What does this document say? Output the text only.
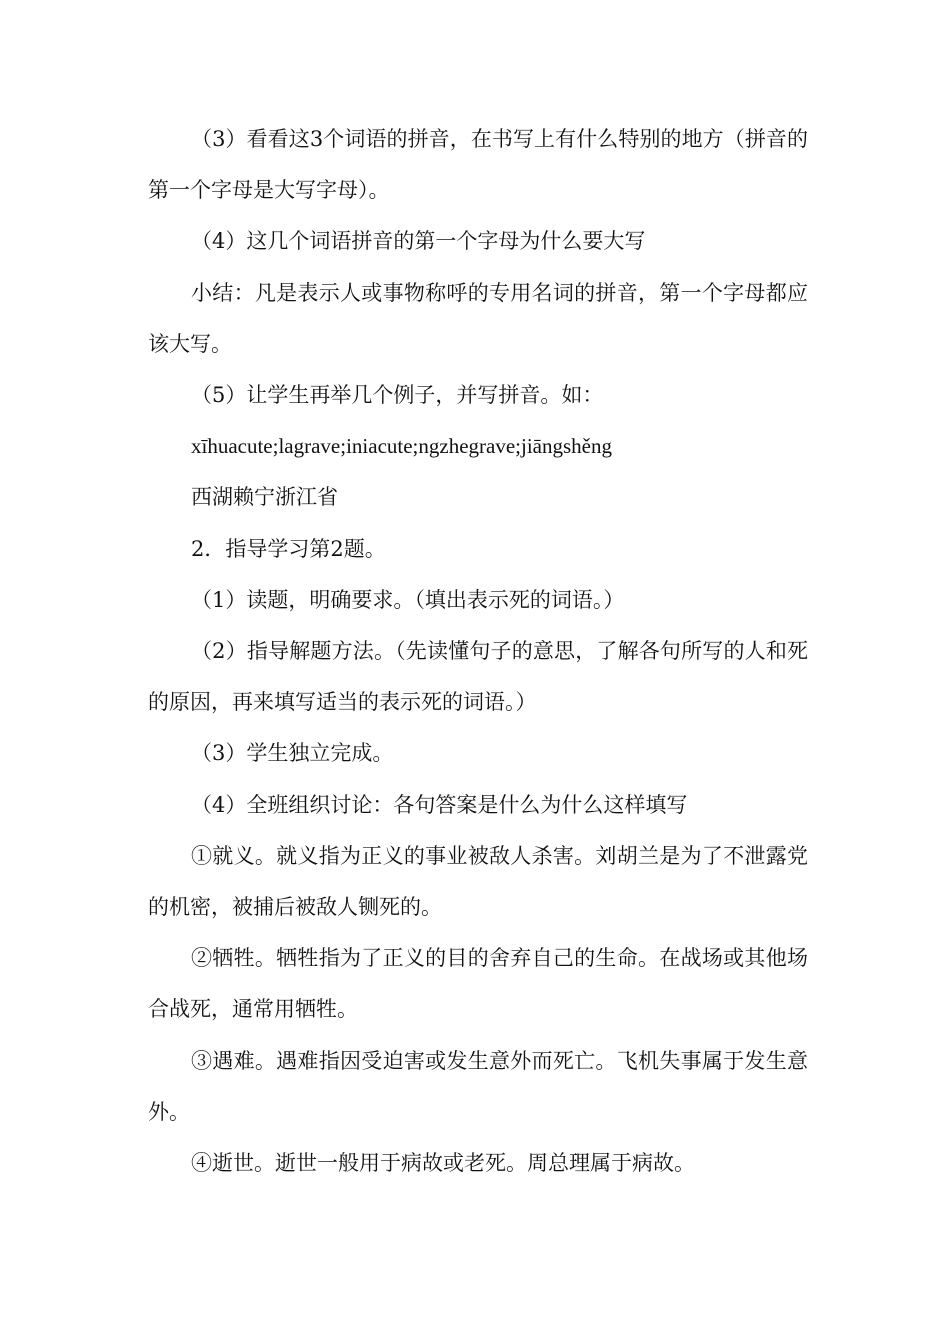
（3）看看这3个词语的拼音，在书写上有什么特别的地方（拼音的第一个字母是大写字母）。

（4）这几个词语拼音的第一个字母为什么要大写

小结：凡是表示人或事物称呼的专用名词的拼音，第一个字母都应该大写。

（5）让学生再举几个例子，并写拼音。如：

xīhuacute;lagrave;iniacute;ngzhegrave;jiāngshěng

西湖赖宁浙江省

2．指导学习第2题。

（1）读题，明确要求。（填出表示死的词语。）

（2）指导解题方法。（先读懂句子的意思，了解各句所写的人和死的原因，再来填写适当的表示死的词语。）

（3）学生独立完成。

（4）全班组织讨论：各句答案是什么为什么这样填写

①就义。就义指为正义的事业被敌人杀害。刘胡兰是为了不泄露党的机密，被捕后被敌人铡死的。

②牺牲。牺牲指为了正义的目的舍弃自己的生命。在战场或其他场合战死，通常用牺牲。

③遇难。遇难指因受迫害或发生意外而死亡。飞机失事属于发生意外。

④逝世。逝世一般用于病故或老死。周总理属于病故。
